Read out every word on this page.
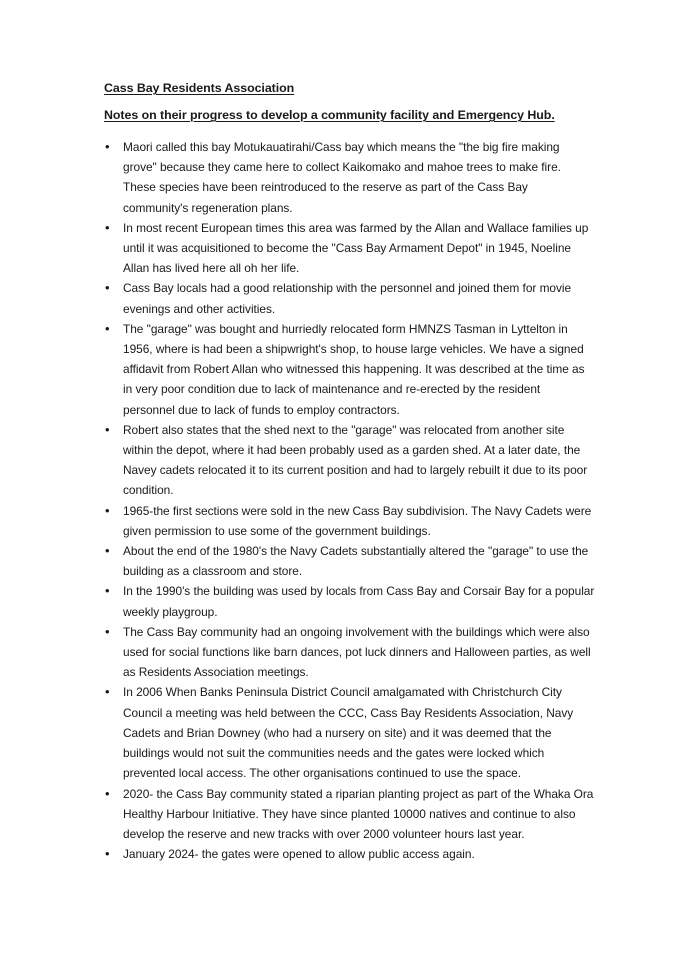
Cass Bay Residents Association
Notes on their progress to develop a community facility and Emergency Hub.
•	Maori called this bay Motukauatirahi/Cass bay which means the "the big fire making grove" because they came here to collect Kaikomako and mahoe trees to make fire. These species have been reintroduced to the reserve as part of the Cass Bay community's regeneration plans.
•	In most recent European times this area was farmed by the Allan and Wallace families up until it was acquisitioned to become the "Cass Bay Armament Depot" in 1945, Noeline Allan has lived here all oh her life.
•	Cass Bay locals had a good relationship with the personnel and joined them for movie evenings and other activities.
•	The "garage" was bought and hurriedly relocated form HMNZS Tasman in Lyttelton in 1956, where is had been a shipwright's shop, to house large vehicles. We have a signed affidavit from Robert Allan who witnessed this happening. It was described at the time as in very poor condition due to lack of maintenance and re-erected by the resident personnel due to lack of funds to employ contractors.
•	Robert also states that the shed next to the "garage" was relocated from another site within the depot, where it had been probably used as a garden shed. At a later date, the Navey cadets relocated it to its current position and had to largely rebuilt it due to its poor condition.
•	1965-the first sections were sold in the new Cass Bay subdivision. The Navy Cadets were given permission to use some of the government buildings.
•	About the end of the 1980's the Navy Cadets substantially altered the "garage" to use the building as a classroom and store.
•	In the 1990's the building was used by locals from Cass Bay and Corsair Bay for a popular weekly playgroup.
•	The Cass Bay community had an ongoing involvement with the buildings which were also used for social functions like barn dances, pot luck dinners and Halloween parties, as well as Residents Association meetings.
•	In 2006 When Banks Peninsula District Council amalgamated with Christchurch City Council a meeting was held between the CCC, Cass Bay Residents Association, Navy Cadets and Brian Downey (who had a nursery on site) and it was deemed that the buildings would not suit the communities needs and the gates were locked which prevented local access. The other organisations continued to use the space.
•	2020- the Cass Bay community stated a riparian planting project as part of the Whaka Ora Healthy Harbour Initiative. They have since planted 10000 natives and continue to also develop the reserve and new tracks with over 2000 volunteer hours last year.
•	January 2024- the gates were opened to allow public access again.
